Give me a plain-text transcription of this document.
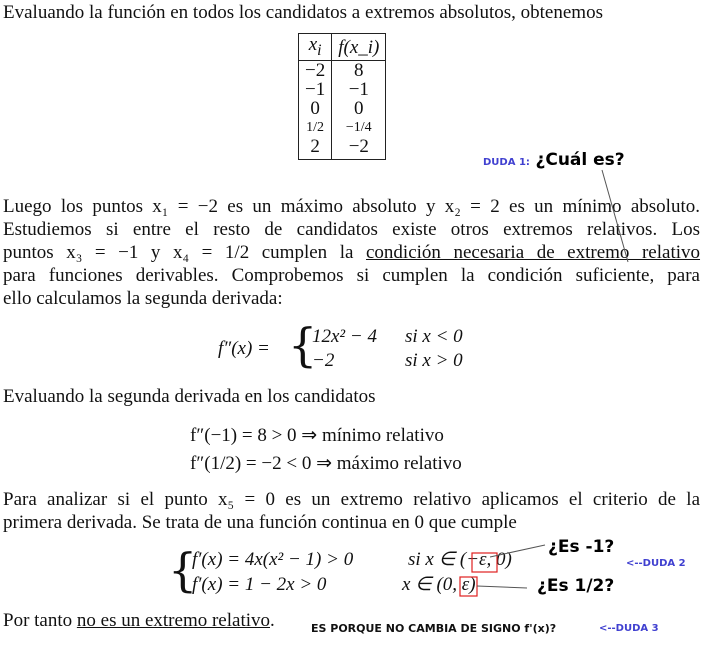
Evaluando la función en todos los candidatos a extremos absolutos, obtenemos
$x_i$	f(x_i)
−2	8
−1	−1
0	0
1/2	−1/4
2	−2
DUDA 1: ¿Cuál es?
Luego los puntos x₁ = −2 es un máximo absoluto y x₂ = 2 es un mínimo absoluto.
Estudiemos si entre el resto de candidatos existe otros extremos relativos. Los
puntos x₃ = −1 y x₄ = 1/2 cumplen la condición necesaria de extremo relativo
para funciones derivables. Comprobemos si cumplen la condición suficiente, para
ello calculamos la segunda derivada:
f″(x) = {
12x² − 4 si x < 0
−2	si x > 0
Evaluando la segunda derivada en los candidatos
f″(−1) = 8 > 0 ⇒ mínimo relativo
f″(1/2) = −2 < 0 ⇒ máximo relativo
Para analizar si el punto x₅ = 0 es un extremo relativo aplicamos el criterio de la
primera derivada. Se trata de una función continua en 0 que cumple
{
f′(x) = 4x(x² − 1) > 0	si x ∈ (−ε, 0)
f′(x) = 1 − 2x > 0	x ∈ (0, ε)
¿Es -1?
¿Es 1/2?
<--DUDA 2
Por tanto no es un extremo relativo.	ES PORQUE NO CAMBIA DE SIGNO f'(x)?	<--DUDA 3
